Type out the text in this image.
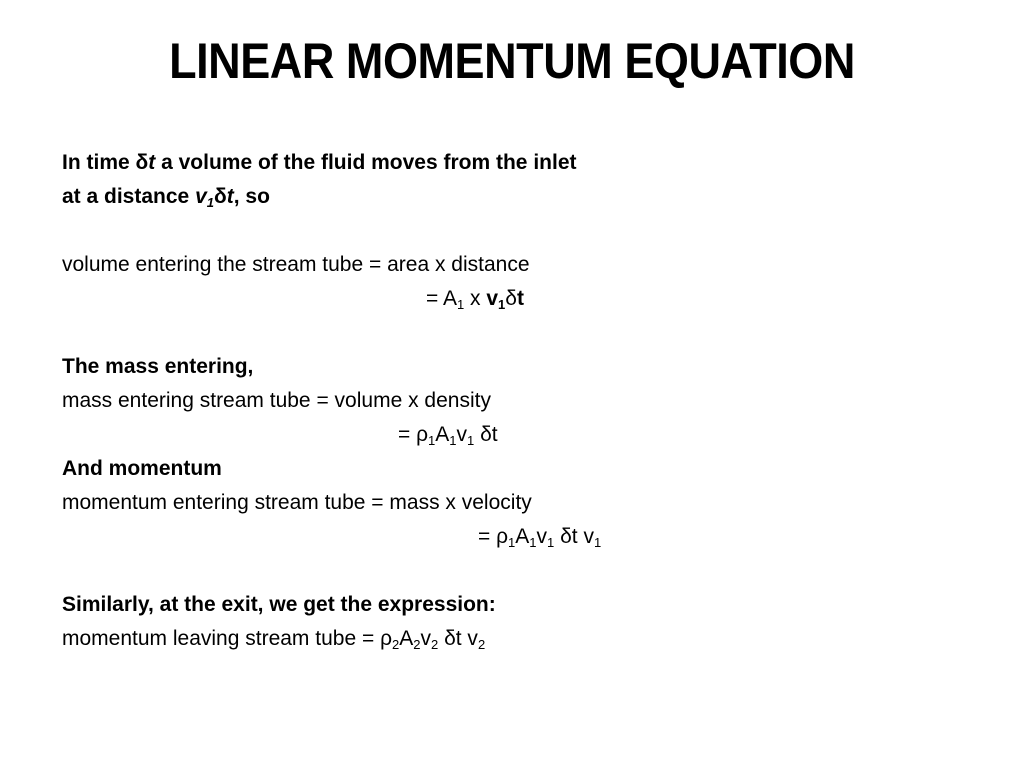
LINEAR MOMENTUM EQUATION
In time δt a volume of the fluid moves from the inlet
at a distance $v_1\delta t$, so
volume entering the stream tube = area x distance
= $A_1$ x $v_1\delta t$
The mass entering,
mass entering stream tube = volume x density
= $\rho_1A_1v_1$ δt
And momentum
momentum entering stream tube = mass x velocity
= $\rho_1A_1v_1$ δt $v_1$
Similarly, at the exit, we get the expression:
momentum leaving stream tube = $\rho_2A_2v_2$ δt $v_2$
